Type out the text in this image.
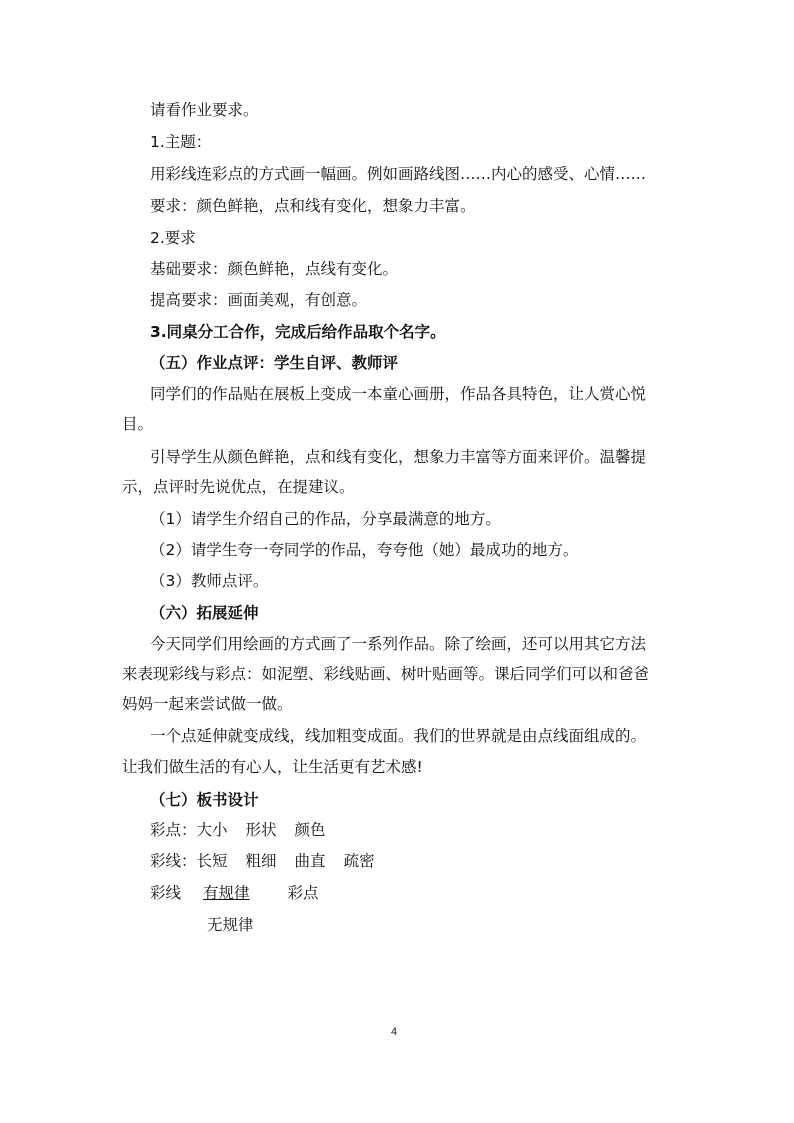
请看作业要求。
1.主题：
用彩线连彩点的方式画一幅画。例如画路线图……内心的感受、心情……
要求：颜色鲜艳，点和线有变化，想象力丰富。
2.要求
基础要求：颜色鲜艳，点线有变化。
提高要求：画面美观，有创意。
3.同桌分工合作，完成后给作品取个名字。
（五）作业点评：学生自评、教师评
同学们的作品贴在展板上变成一本童心画册，作品各具特色，让人赏心悦
目。
引导学生从颜色鲜艳，点和线有变化，想象力丰富等方面来评价。温馨提
示，点评时先说优点，在提建议。
（1）请学生介绍自己的作品，分享最满意的地方。
（2）请学生夸一夸同学的作品，夸夸他（她）最成功的地方。
（3）教师点评。
（六）拓展延伸
今天同学们用绘画的方式画了一系列作品。除了绘画，还可以用其它方法
来表现彩线与彩点：如泥塑、彩线贴画、树叶贴画等。课后同学们可以和爸爸
妈妈一起来尝试做一做。
一个点延伸就变成线，线加粗变成面。我们的世界就是由点线面组成的。
让我们做生活的有心人，让生活更有艺术感!
（七）板书设计
彩点：大小 形状 颜色
彩线：长短 粗细 曲直 疏密
彩线 有规律 彩点
无规律
4
